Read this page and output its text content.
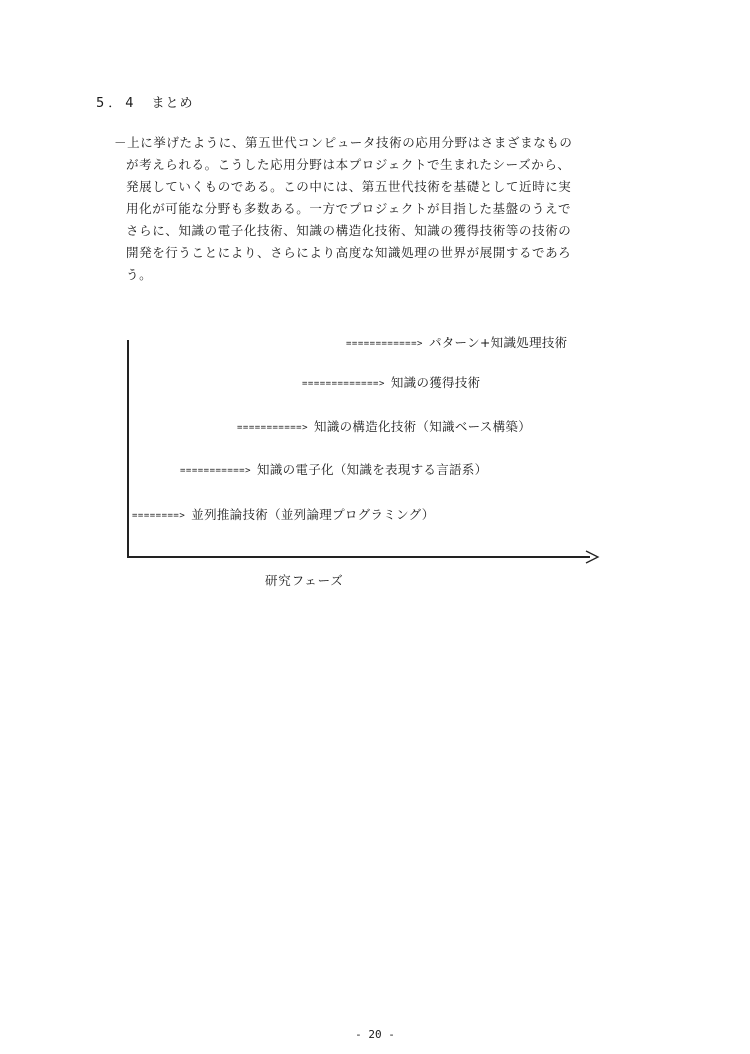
5．4 まとめ
－上に挙げたように、第五世代コンピュータ技術の応用分野はさまざまなもの
が考えられる。こうした応用分野は本プロジェクトで生まれたシーズから、
発展していくものである。この中には、第五世代技術を基礎として近時に実
用化が可能な分野も多数ある。一方でプロジェクトが目指した基盤のうえで
さらに、知識の電子化技術、知識の構造化技術、知識の獲得技術等の技術の
開発を行うことにより、さらにより高度な知識処理の世界が展開するであろ
う。
============> パターン+知識処理技術
=============> 知識の獲得技術
===========> 知識の構造化技術（知識ベース構築）
===========> 知識の電子化（知識を表現する言語系）
========> 並列推論技術（並列論理プログラミング）
研究フェーズ
- 20 -
